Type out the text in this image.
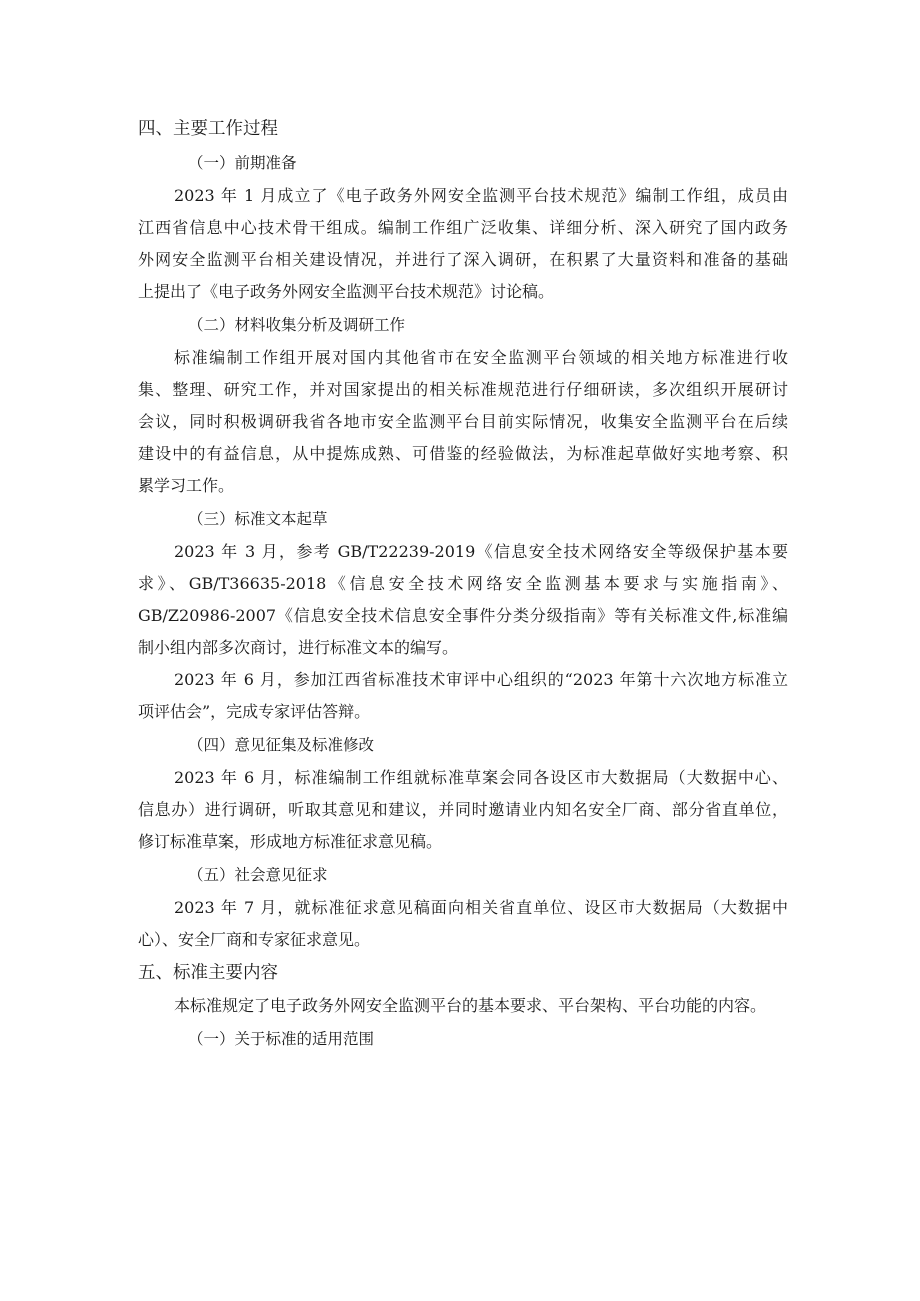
四、主要工作过程
（一）前期准备
2023 年 1 月成立了《电子政务外网安全监测平台技术规范》编制工作组，成员由
江西省信息中心技术骨干组成。编制工作组广泛收集、详细分析、深入研究了国内政务
外网安全监测平台相关建设情况，并进行了深入调研，在积累了大量资料和准备的基础
上提出了《电子政务外网安全监测平台技术规范》讨论稿。
（二）材料收集分析及调研工作
标准编制工作组开展对国内其他省市在安全监测平台领域的相关地方标准进行收
集、整理、研究工作，并对国家提出的相关标准规范进行仔细研读，多次组织开展研讨
会议，同时积极调研我省各地市安全监测平台目前实际情况，收集安全监测平台在后续
建设中的有益信息，从中提炼成熟、可借鉴的经验做法，为标准起草做好实地考察、积
累学习工作。
（三）标准文本起草
2023 年 3 月，参考 GB/T22239-2019《信息安全技术网络安全等级保护基本要
求》、GB/T36635-2018《信息安全技术网络安全监测基本要求与实施指南》、
GB/Z20986-2007《信息安全技术信息安全事件分类分级指南》等有关标准文件,标准编
制小组内部多次商讨，进行标准文本的编写。
2023 年 6 月，参加江西省标准技术审评中心组织的“2023 年第十六次地方标准立
项评估会”，完成专家评估答辩。
（四）意见征集及标准修改
2023 年 6 月，标准编制工作组就标准草案会同各设区市大数据局（大数据中心、
信息办）进行调研，听取其意见和建议，并同时邀请业内知名安全厂商、部分省直单位，
修订标准草案，形成地方标准征求意见稿。
（五）社会意见征求
2023 年 7 月，就标准征求意见稿面向相关省直单位、设区市大数据局（大数据中
心）、安全厂商和专家征求意见。
五、标准主要内容
本标准规定了电子政务外网安全监测平台的基本要求、平台架构、平台功能的内容。
（一）关于标准的适用范围
